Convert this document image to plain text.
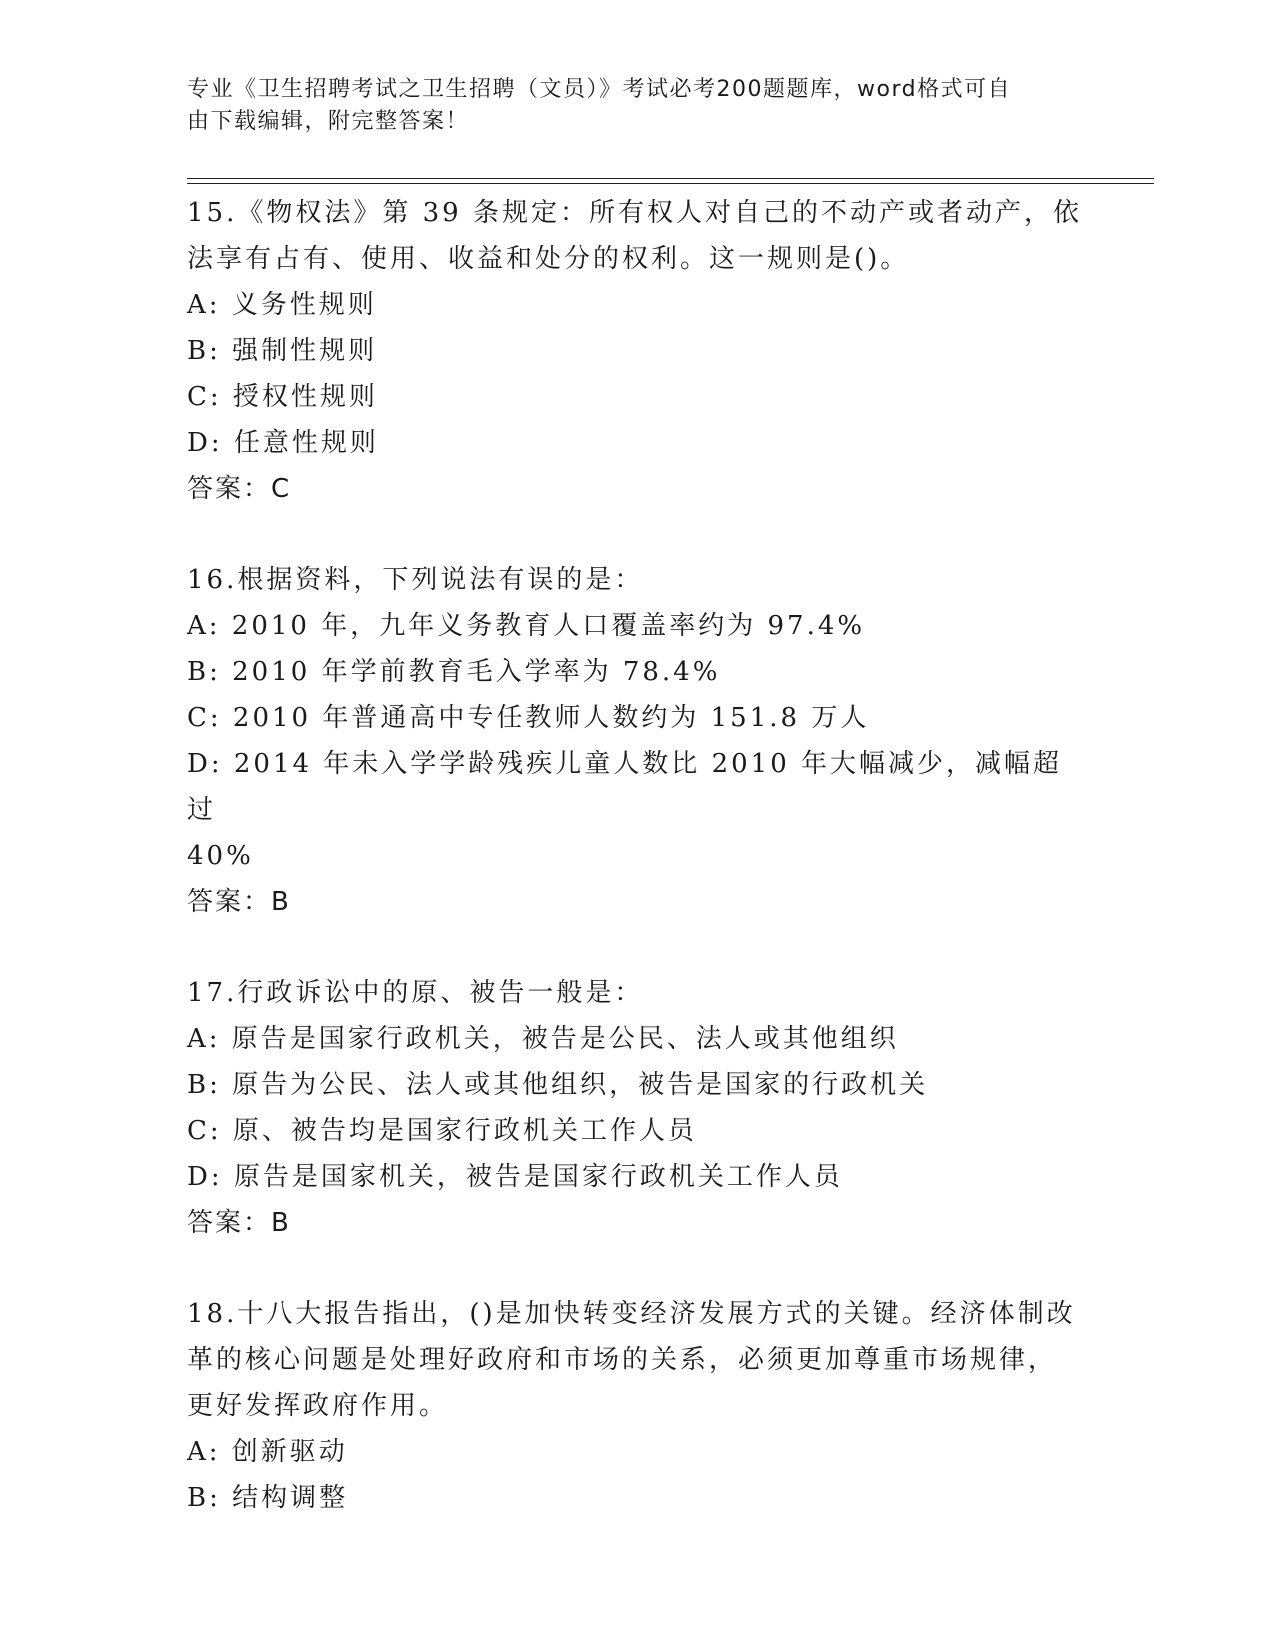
专业《卫生招聘考试之卫生招聘（文员）》考试必考200题题库，word格式可自
由下载编辑，附完整答案！
15.《物权法》第 39 条规定：所有权人对自己的不动产或者动产，依
法享有占有、使用、收益和处分的权利。这一规则是()。
A: 义务性规则
B: 强制性规则
C: 授权性规则
D: 任意性规则
答案：C
16.根据资料，下列说法有误的是：
A: 2010 年，九年义务教育人口覆盖率约为 97.4%
B: 2010 年学前教育毛入学率为 78.4%
C: 2010 年普通高中专任教师人数约为 151.8 万人
D: 2014 年未入学学龄残疾儿童人数比 2010 年大幅减少，减幅超过
40%
答案：B
17.行政诉讼中的原、被告一般是：
A: 原告是国家行政机关，被告是公民、法人或其他组织
B: 原告为公民、法人或其他组织，被告是国家的行政机关
C: 原、被告均是国家行政机关工作人员
D: 原告是国家机关，被告是国家行政机关工作人员
答案：B
18.十八大报告指出，()是加快转变经济发展方式的关键。经济体制改
革的核心问题是处理好政府和市场的关系，必须更加尊重市场规律，
更好发挥政府作用。
A: 创新驱动
B: 结构调整
